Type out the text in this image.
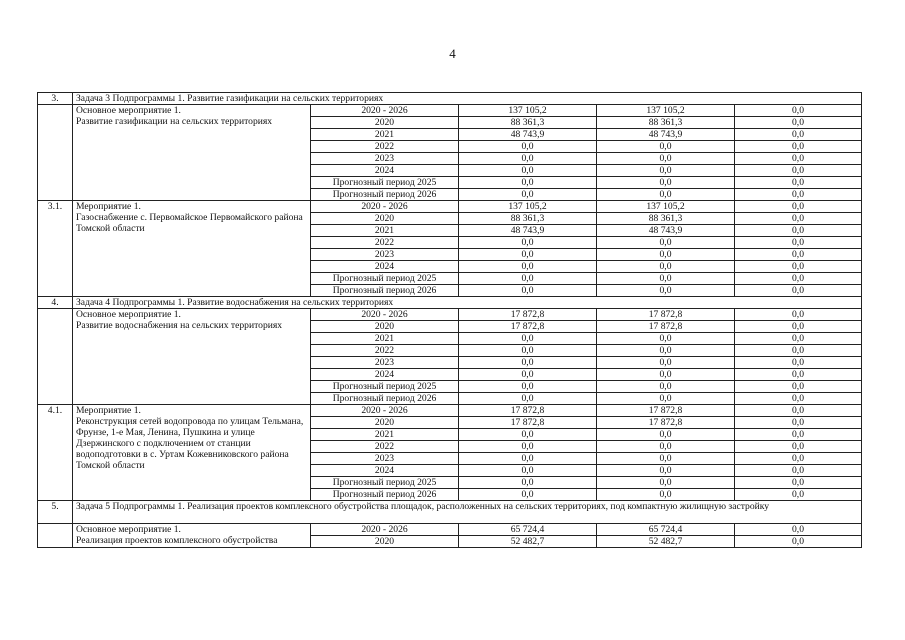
4
3.	Задача 3 Подпрограммы 1. Развитие газификации на сельских территориях				

	Основное мероприятие 1.
Развитие газификации на сельских территориях	2020 - 2026	137 105,2	137 105,2	0,0
		2020	88 361,3	88 361,3	0,0
		2021	48 743,9	48 743,9	0,0
		2022	0,0	0,0	0,0
		2023	0,0	0,0	0,0
		2024	0,0	0,0	0,0
		Прогнозный период 2025	0,0	0,0	0,0
		Прогнозный период 2026	0,0	0,0	0,0
3.1.	Мероприятие 1.
Газоснабжение с. Первомайское Первомайского района Томской области	2020 - 2026	137 105,2	137 105,2	0,0
		2020	88 361,3	88 361,3	0,0
		2021	48 743,9	48 743,9	0,0
		2022	0,0	0,0	0,0
		2023	0,0	0,0	0,0
		2024	0,0	0,0	0,0
		Прогнозный период 2025	0,0	0,0	0,0
		Прогнозный период 2026	0,0	0,0	0,0
4.	Задача 4 Подпрограммы 1. Развитие водоснабжения на сельских территориях				

	Основное мероприятие 1.
Развитие водоснабжения на сельских территориях	2020 - 2026	17 872,8	17 872,8	0,0
		2020	17 872,8	17 872,8	0,0
		2021	0,0	0,0	0,0
		2022	0,0	0,0	0,0
		2023	0,0	0,0	0,0
		2024	0,0	0,0	0,0
		Прогнозный период 2025	0,0	0,0	0,0
		Прогнозный период 2026	0,0	0,0	0,0
4.1.	Мероприятие 1.
Реконструкция сетей водопровода по улицам Тельмана, Фрунзе, 1-е Мая, Ленина, Пушкина и улице Дзержинского с подключением от станции водоподготовки в с. Уртам Кожевниковского района Томской области	2020 - 2026	17 872,8	17 872,8	0,0
		2020	17 872,8	17 872,8	0,0
		2021	0,0	0,0	0,0
		2022	0,0	0,0	0,0
		2023	0,0	0,0	0,0
		2024	0,0	0,0	0,0
		Прогнозный период 2025	0,0	0,0	0,0
		Прогнозный период 2026	0,0	0,0	0,0
5.	Задача 5 Подпрограммы 1. Реализация проектов комплексного обустройства площадок, расположенных на сельских территориях, под компактную жилищную застройку				

	Основное мероприятие 1.
Реализация проектов комплексного обустройства	2020 - 2026	65 724,4	65 724,4	0,0
		2020	52 482,7	52 482,7	0,0
